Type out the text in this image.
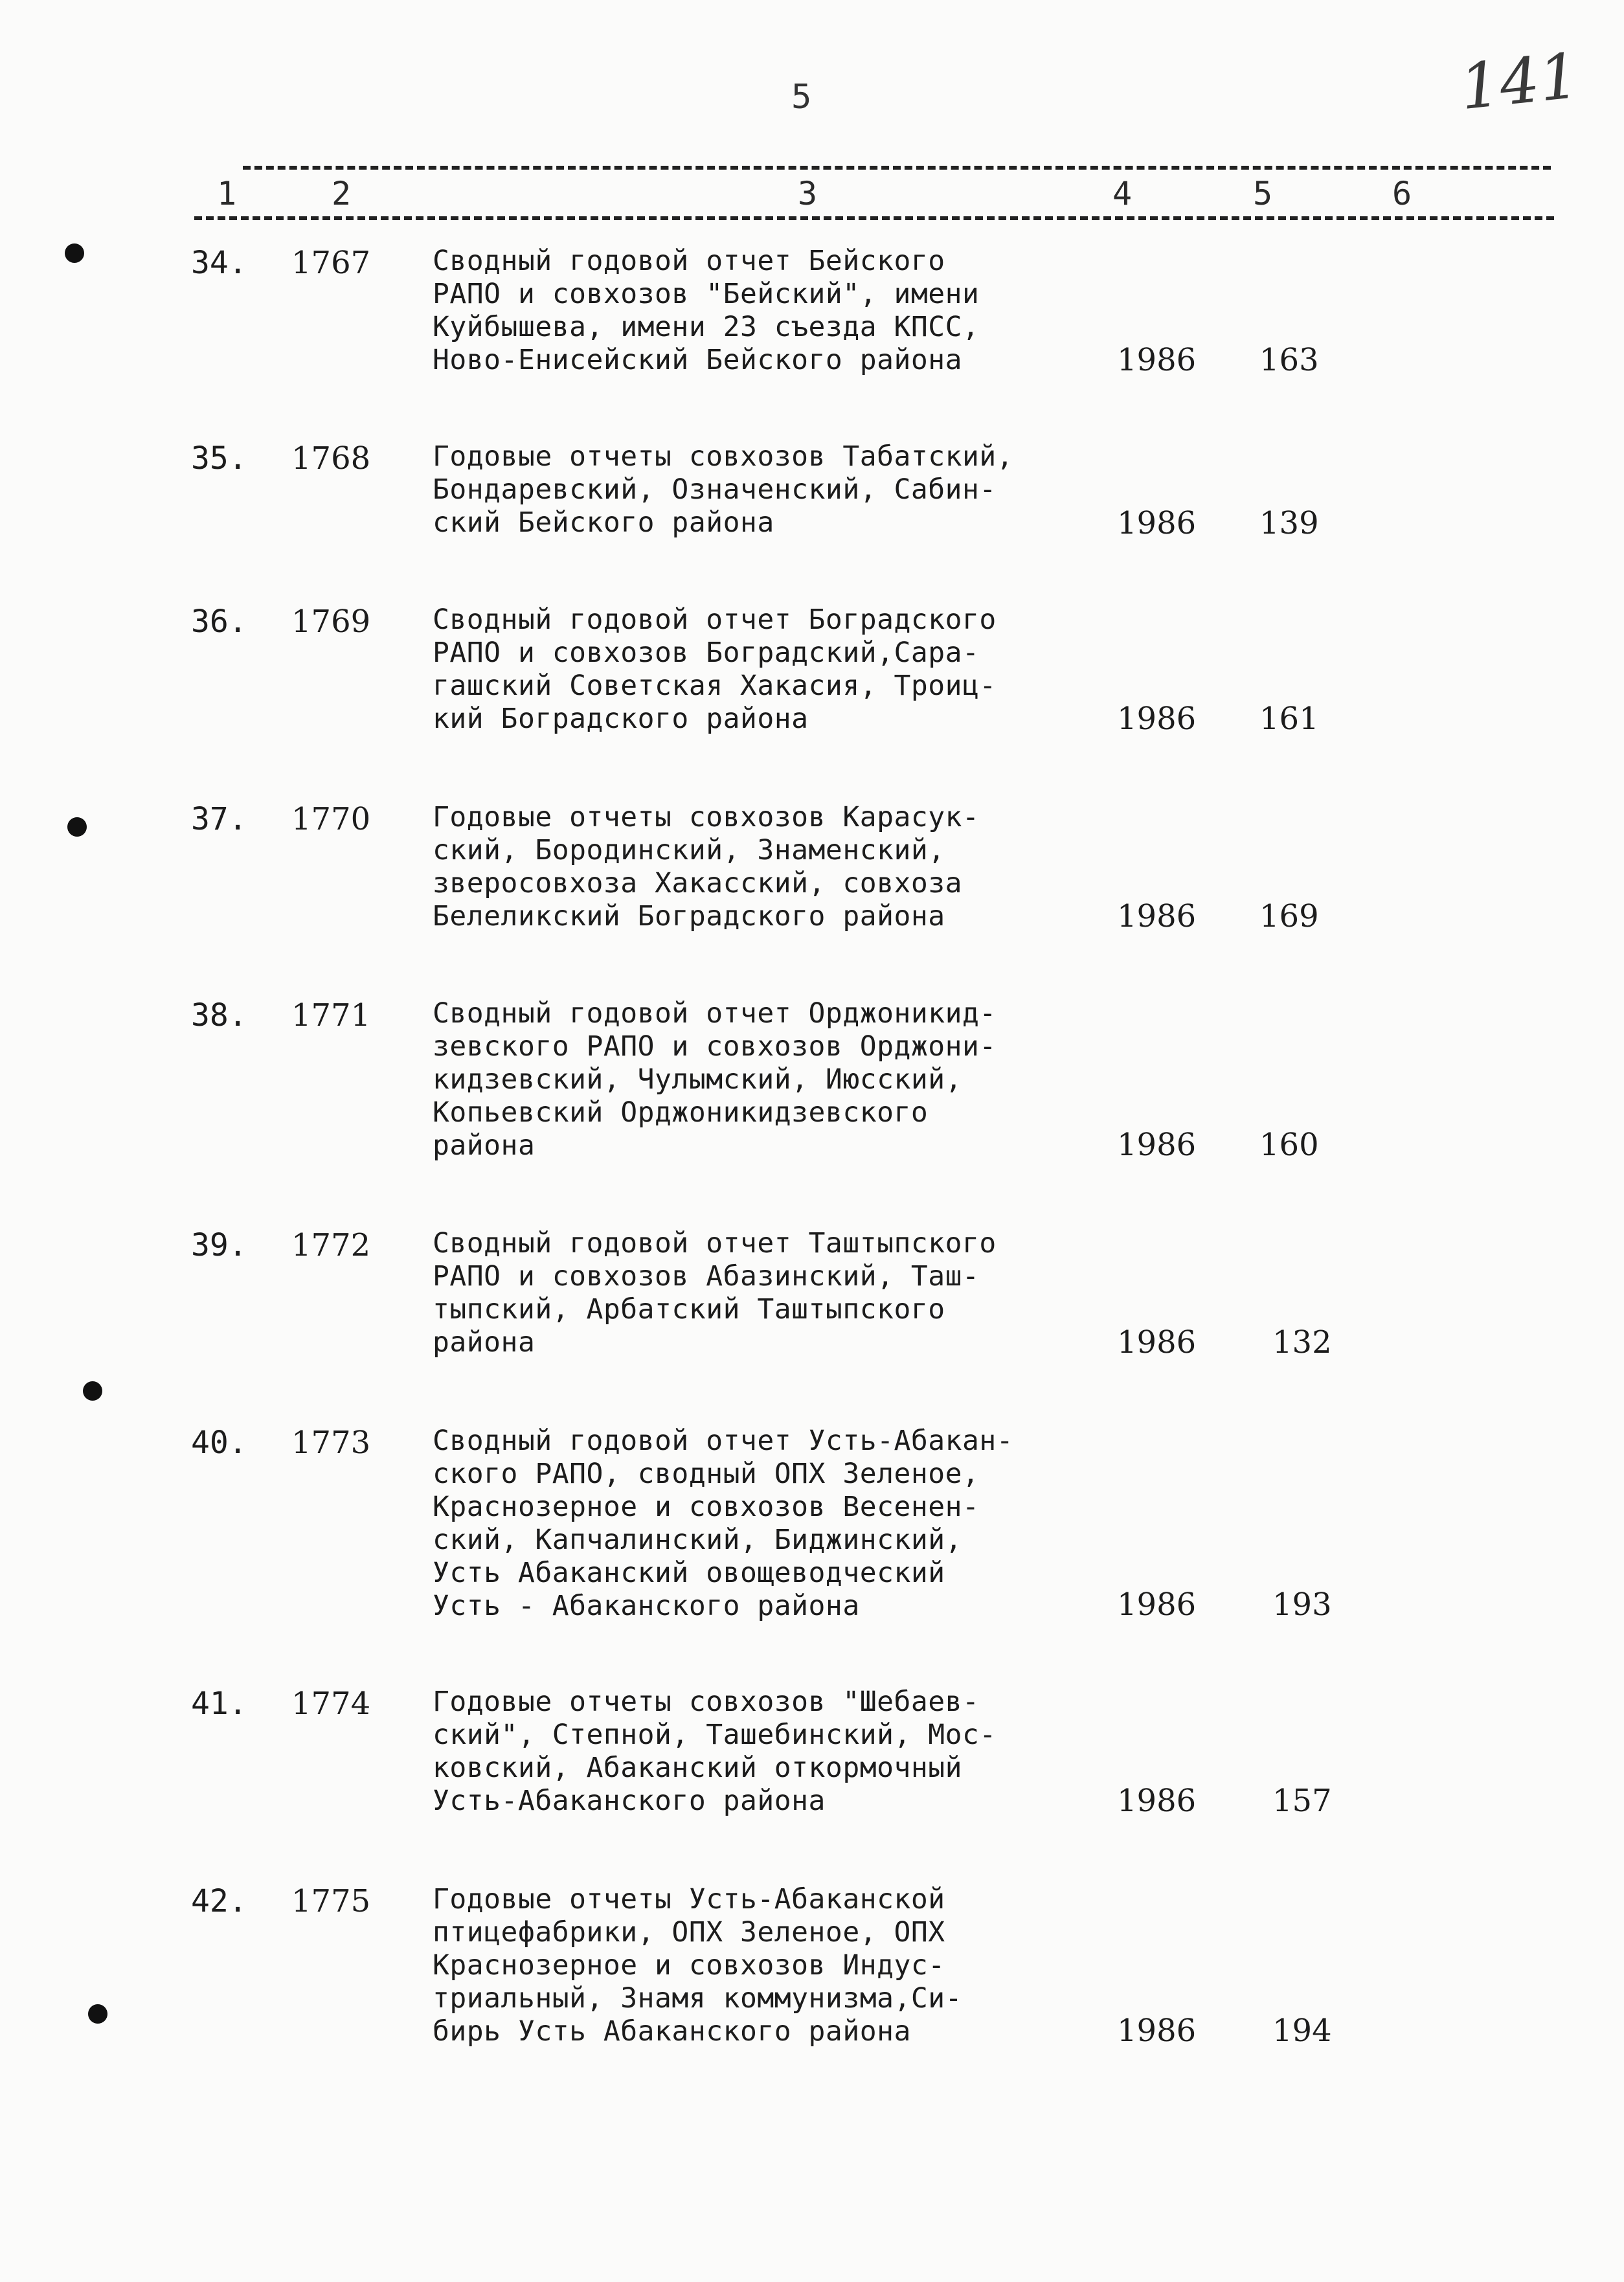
5	141
1	2	3	4	5	6
34. 1767 Сводный годовой отчет Бейского
РАПО и совхозов "Бейский", имени
Куйбышева, имени 23 съезда КПСС,
Ново-Енисейский Бейского района	1986 163
35. 1768 Годовые отчеты совхозов Табатский,
Бондаревский, Означенский, Сабин-
ский Бейского района	1986 139
36. 1769 Сводный годовой отчет Боградского
РАПО и совхозов Боградский,Сара-
гашский Советская Хакасия, Троиц-
кий Боградского района	1986 161
37. 1770 Годовые отчеты совхозов Карасук-
ский, Бородинский, Знаменский,
зверосовхоза Хакасский, совхоза
Белеликский Боградского района	1986 169
38. 1771 Сводный годовой отчет Орджоникид-
зевского РАПО и совхозов Орджони-
кидзевский, Чулымский, Июсский,
Копьевский Орджоникидзевского
района	1986 160
39. 1772 Сводный годовой отчет Таштыпского
РАПО и совхозов Абазинский, Таш-
тыпский, Арбатский Таштыпского
района	1986 132
40. 1773 Сводный годовой отчет Усть-Абакан-
ского РАПО, сводный ОПХ Зеленое,
Краснозерное и совхозов Весенен-
ский, Капчалинский, Биджинский,
Усть Абаканский овощеводческий
Усть - Абаканского района	1986 193
41. 1774 Годовые отчеты совхозов "Шебаев-
ский", Степной, Ташебинский, Мос-
ковский, Абаканский откормочный
Усть-Абаканского района	1986 157
42. 1775 Годовые отчеты Усть-Абаканской
птицефабрики, ОПХ Зеленое, ОПХ
Краснозерное и совхозов Индус-
триальный, Знамя коммунизма,Си-
бирь Усть Абаканского района	1986 194
